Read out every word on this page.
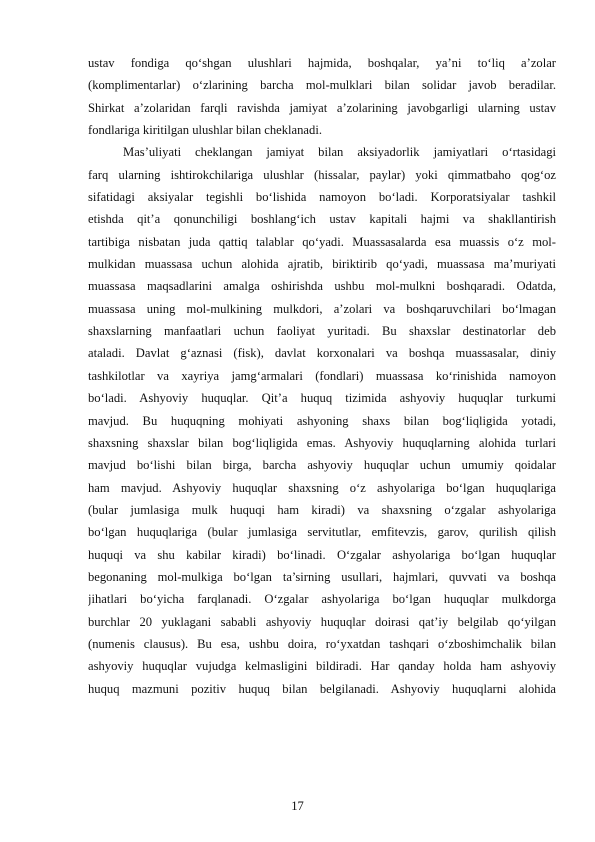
ustav fondiga qo‘shgan ulushlari hajmida, boshqalar, ya’ni to‘liq a’zolar
(komplimentarlar) o‘zlarining barcha mol-mulklari bilan solidar javob beradilar.
Shirkat a’zolaridan farqli ravishda jamiyat a’zolarining javobgarligi ularning ustav
fondlariga kiritilgan ulushlar bilan cheklanadi.
Mas’uliyati cheklangan jamiyat bilan aksiyadorlik jamiyatlari o‘rtasidagi
farq ularning ishtirokchilariga ulushlar (hissalar, paylar) yoki qimmatbaho qog‘oz
sifatidagi aksiyalar tegishli bo‘lishida namoyon bo‘ladi. Korporatsiyalar tashkil
etishda qit’a qonunchiligi boshlang‘ich ustav kapitali hajmi va shakllantirish
tartibiga nisbatan juda qattiq talablar qo‘yadi. Muassasalarda esa muassis o‘z mol-
mulkidan muassasa uchun alohida ajratib, biriktirib qo‘yadi, muassasa ma’muriyati
muassasa maqsadlarini amalga oshirishda ushbu mol-mulkni boshqaradi. Odatda,
muassasa uning mol-mulkining mulkdori, a’zolari va boshqaruvchilari bo‘lmagan
shaxslarning manfaatlari uchun faoliyat yuritadi. Bu shaxslar destinatorlar deb
ataladi. Davlat g‘aznasi (fisk), davlat korxonalari va boshqa muassasalar, diniy
tashkilotlar va xayriya jamg‘armalari (fondlari) muassasa ko‘rinishida namoyon
bo‘ladi. Ashyoviy huquqlar. Qit’a huquq tizimida ashyoviy huquqlar turkumi
mavjud. Bu huquqning mohiyati ashyoning shaxs bilan bog‘liqligida yotadi,
shaxsning shaxslar bilan bog‘liqligida emas. Ashyoviy huquqlarning alohida turlari
mavjud bo‘lishi bilan birga, barcha ashyoviy huquqlar uchun umumiy qoidalar
ham mavjud. Ashyoviy huquqlar shaxsning o‘z ashyolariga bo‘lgan huquqlariga
(bular jumlasiga mulk huquqi ham kiradi) va shaxsning o‘zgalar ashyolariga
bo‘lgan huquqlariga (bular jumlasiga servitutlar, emfitevzis, garov, qurilish qilish
huquqi va shu kabilar kiradi) bo‘linadi. O‘zgalar ashyolariga bo‘lgan huquqlar
begonaning mol-mulkiga bo‘lgan ta’sirning usullari, hajmlari, quvvati va boshqa
jihatlari bo‘yicha farqlanadi. O‘zgalar ashyolariga bo‘lgan huquqlar mulkdorga
burchlar 20 yuklagani sababli ashyoviy huquqlar doirasi qat’iy belgilab qo‘yilgan
(numenis clausus). Bu esa, ushbu doira, ro‘yxatdan tashqari o‘zboshimchalik bilan
ashyoviy huquqlar vujudga kelmasligini bildiradi. Har qanday holda ham ashyoviy
huquq mazmuni pozitiv huquq bilan belgilanadi. Ashyoviy huquqlarni alohida
17
